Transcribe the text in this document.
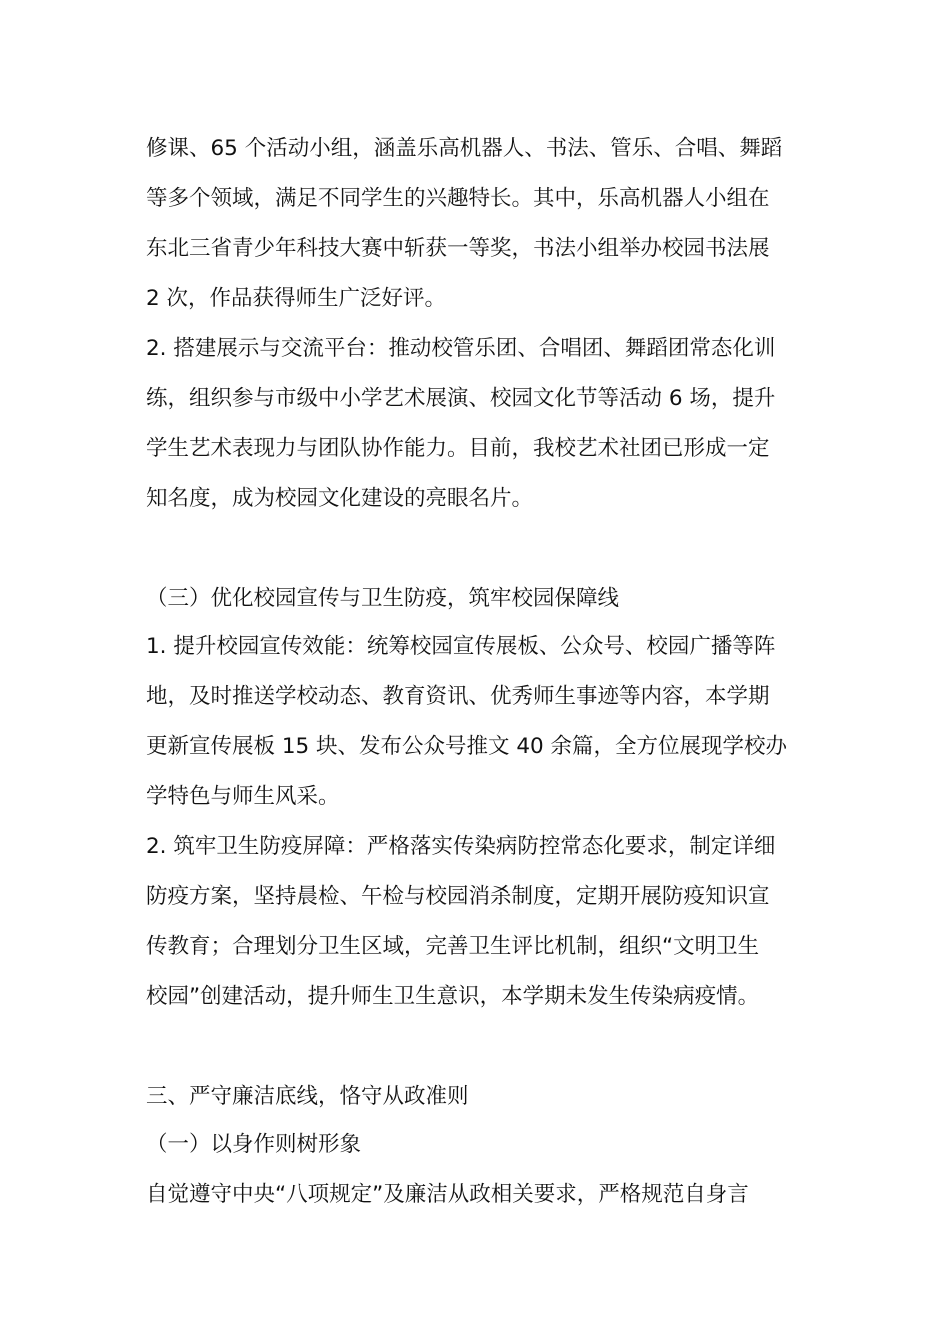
修课、65 个活动小组，涵盖乐高机器人、书法、管乐、合唱、舞蹈
等多个领域，满足不同学生的兴趣特长。其中，乐高机器人小组在
东北三省青少年科技大赛中斩获一等奖，书法小组举办校园书法展
2 次，作品获得师生广泛好评。
2. 搭建展示与交流平台：推动校管乐团、合唱团、舞蹈团常态化训
练，组织参与市级中小学艺术展演、校园文化节等活动 6 场，提升
学生艺术表现力与团队协作能力。目前，我校艺术社团已形成一定
知名度，成为校园文化建设的亮眼名片。
（三）优化校园宣传与卫生防疫，筑牢校园保障线
1. 提升校园宣传效能：统筹校园宣传展板、公众号、校园广播等阵
地，及时推送学校动态、教育资讯、优秀师生事迹等内容，本学期
更新宣传展板 15 块、发布公众号推文 40 余篇，全方位展现学校办
学特色与师生风采。
2. 筑牢卫生防疫屏障：严格落实传染病防控常态化要求，制定详细
防疫方案，坚持晨检、午检与校园消杀制度，定期开展防疫知识宣
传教育；合理划分卫生区域，完善卫生评比机制，组织“文明卫生
校园”创建活动，提升师生卫生意识，本学期未发生传染病疫情。
三、严守廉洁底线，恪守从政准则
（一）以身作则树形象
自觉遵守中央“八项规定”及廉洁从政相关要求，严格规范自身言
